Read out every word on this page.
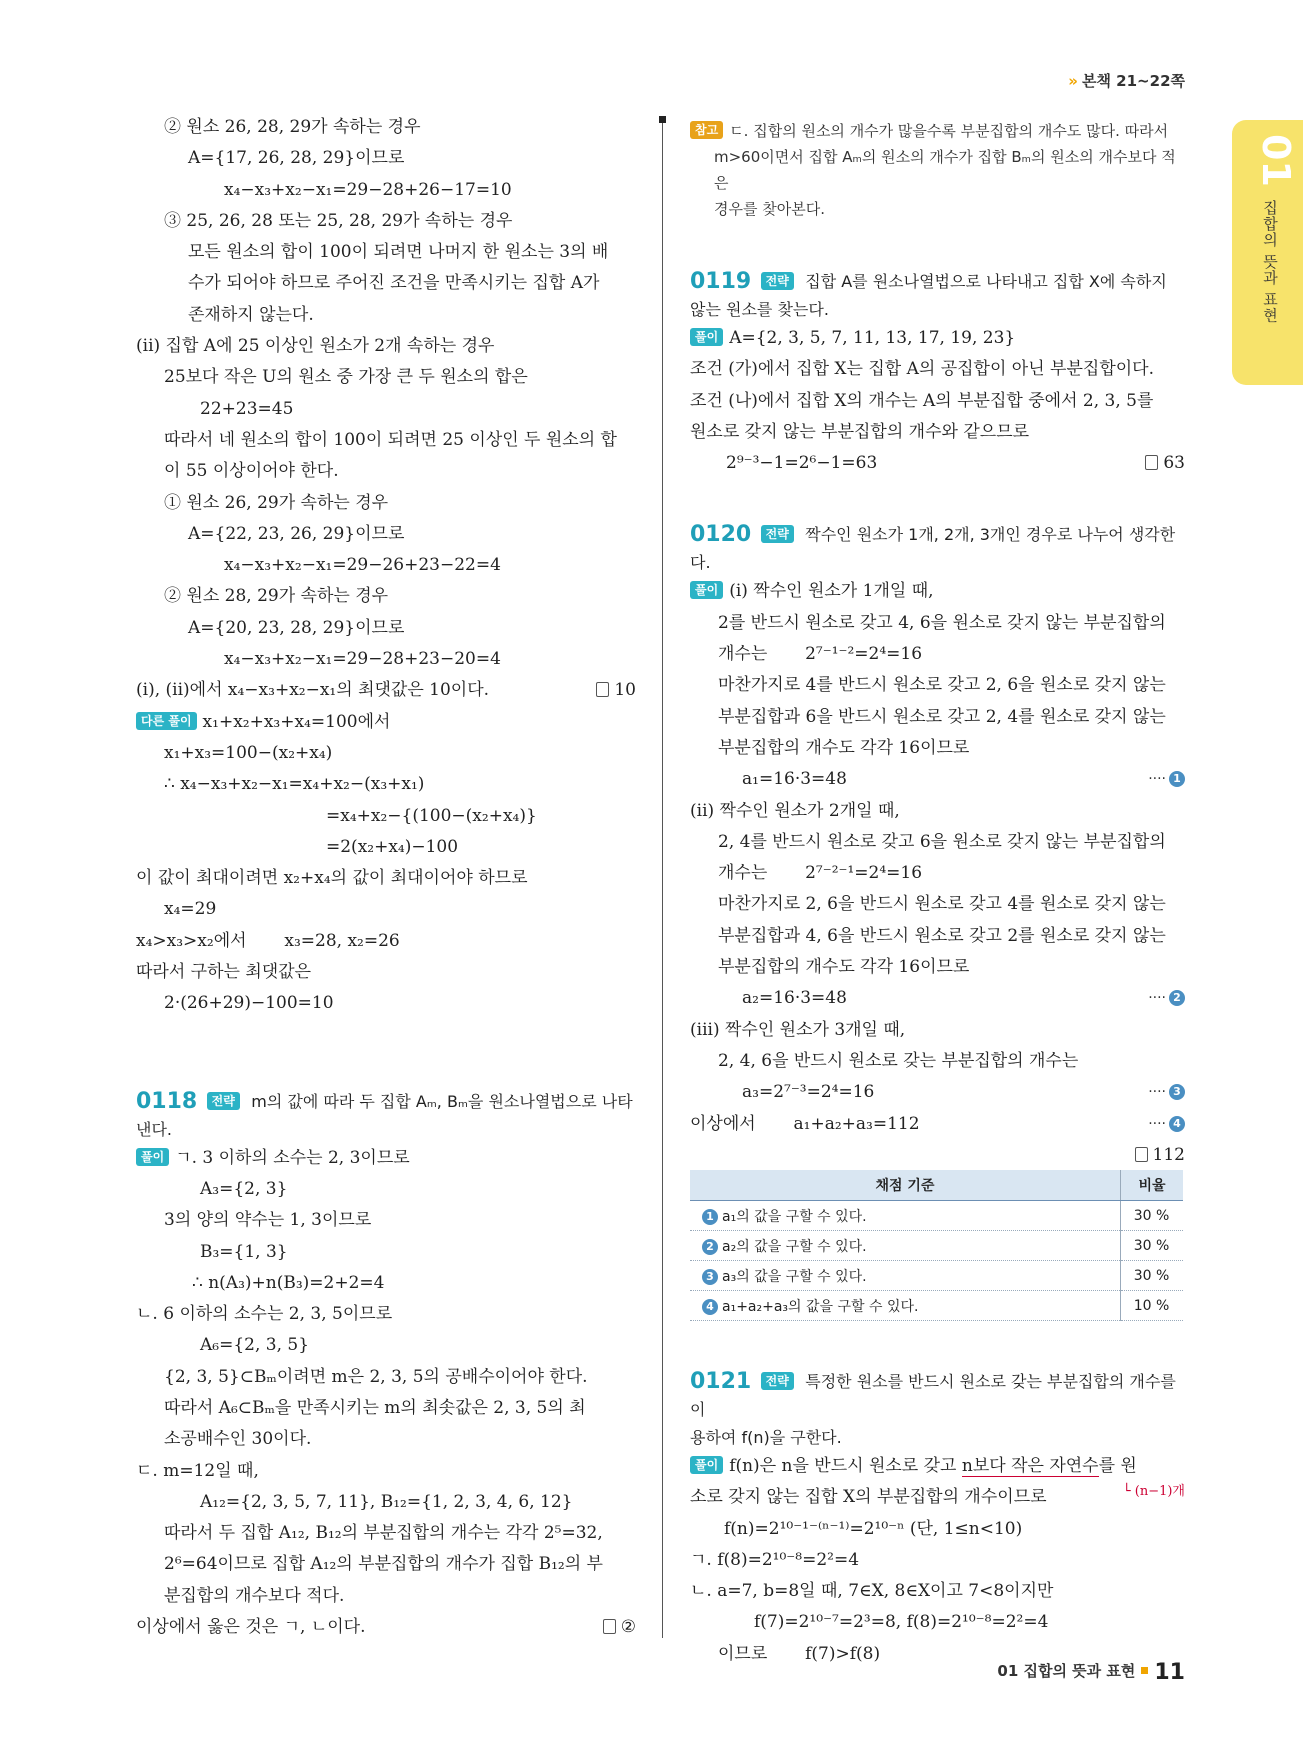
» 본책 21~22쪽
01
집합의 뜻과 표현
② 원소 26, 28, 29가 속하는 경우
A={17, 26, 28, 29}이므로
x₄−x₃+x₂−x₁=29−28+26−17=10
③ 25, 26, 28 또는 25, 28, 29가 속하는 경우
모든 원소의 합이 100이 되려면 나머지 한 원소는 3의 배
수가 되어야 하므로 주어진 조건을 만족시키는 집합 A가
존재하지 않는다.
(ii) 집합 A에 25 이상인 원소가 2개 속하는 경우
25보다 작은 U의 원소 중 가장 큰 두 원소의 합은
22+23=45
따라서 네 원소의 합이 100이 되려면 25 이상인 두 원소의 합
이 55 이상이어야 한다.
① 원소 26, 29가 속하는 경우
A={22, 23, 26, 29}이므로
x₄−x₃+x₂−x₁=29−26+23−22=4
② 원소 28, 29가 속하는 경우
A={20, 23, 28, 29}이므로
x₄−x₃+x₂−x₁=29−28+23−20=4
(i), (ii)에서 x₄−x₃+x₂−x₁의 최댓값은 10이다.	10
다른 풀이 x₁+x₂+x₃+x₄=100에서
x₁+x₃=100−(x₂+x₄)
∴ x₄−x₃+x₂−x₁=x₄+x₂−(x₃+x₁)
=x₄+x₂−{(100−(x₂+x₄)}
=2(x₂+x₄)−100
이 값이 최대이려면 x₂+x₄의 값이 최대이어야 하므로
x₄=29
x₄>x₃>x₂에서       x₃=28, x₂=26
따라서 구하는 최댓값은
2·(26+29)−100=10
0118 전략 m의 값에 따라 두 집합 Aₘ, Bₘ을 원소나열법으로 나타
낸다.
풀이 ㄱ. 3 이하의 소수는 2, 3이므로
A₃={2, 3}
3의 양의 약수는 1, 3이므로
B₃={1, 3}
∴ n(A₃)+n(B₃)=2+2=4
ㄴ. 6 이하의 소수는 2, 3, 5이므로
A₆={2, 3, 5}
{2, 3, 5}⊂Bₘ이려면 m은 2, 3, 5의 공배수이어야 한다.
따라서 A₆⊂Bₘ을 만족시키는 m의 최솟값은 2, 3, 5의 최
소공배수인 30이다.
ㄷ. m=12일 때,
A₁₂={2, 3, 5, 7, 11}, B₁₂={1, 2, 3, 4, 6, 12}
따라서 두 집합 A₁₂, B₁₂의 부분집합의 개수는 각각 2⁵=32,
2⁶=64이므로 집합 A₁₂의 부분집합의 개수가 집합 B₁₂의 부
분집합의 개수보다 적다.
이상에서 옳은 것은 ㄱ, ㄴ이다.	②
참고 ㄷ. 집합의 원소의 개수가 많을수록 부분집합의 개수도 많다. 따라서
m>60이면서 집합 Aₘ의 원소의 개수가 집합 Bₘ의 원소의 개수보다 적은
경우를 찾아본다.
0119 전략 집합 A를 원소나열법으로 나타내고 집합 X에 속하지
않는 원소를 찾는다.
풀이 A={2, 3, 5, 7, 11, 13, 17, 19, 23}
조건 (가)에서 집합 X는 집합 A의 공집합이 아닌 부분집합이다.
조건 (나)에서 집합 X의 개수는 A의 부분집합 중에서 2, 3, 5를
원소로 갖지 않는 부분집합의 개수와 같으므로
2⁹⁻³−1=2⁶−1=63	63
0120 전략 짝수인 원소가 1개, 2개, 3개인 경우로 나누어 생각한
다.
풀이 (i) 짝수인 원소가 1개일 때,
2를 반드시 원소로 갖고 4, 6을 원소로 갖지 않는 부분집합의
개수는       2⁷⁻¹⁻²=2⁴=16
마찬가지로 4를 반드시 원소로 갖고 2, 6을 원소로 갖지 않는
부분집합과 6을 반드시 원소로 갖고 2, 4를 원소로 갖지 않는
부분집합의 개수도 각각 16이므로
a₁=16·3=48	···· 1
(ii) 짝수인 원소가 2개일 때,
2, 4를 반드시 원소로 갖고 6을 원소로 갖지 않는 부분집합의
개수는       2⁷⁻²⁻¹=2⁴=16
마찬가지로 2, 6을 반드시 원소로 갖고 4를 원소로 갖지 않는
부분집합과 4, 6을 반드시 원소로 갖고 2를 원소로 갖지 않는
부분집합의 개수도 각각 16이므로
a₂=16·3=48	···· 2
(iii) 짝수인 원소가 3개일 때,
2, 4, 6을 반드시 원소로 갖는 부분집합의 개수는
a₃=2⁷⁻³=2⁴=16	···· 3
이상에서       a₁+a₂+a₃=112	···· 4
112
채점 기준	비율
1 a₁의 값을 구할 수 있다.	30 %
2 a₂의 값을 구할 수 있다.	30 %
3 a₃의 값을 구할 수 있다.	30 %
4 a₁+a₂+a₃의 값을 구할 수 있다.	10 %
0121 전략 특정한 원소를 반드시 원소로 갖는 부분집합의 개수를 이
용하여 f(n)을 구한다.
풀이 f(n)은 n을 반드시 원소로 갖고 n보다 작은 자연수를 원
소로 갖지 않는 집합 X의 부분집합의 개수이므로	└ (n−1)개
f(n)=2¹⁰⁻¹⁻⁽ⁿ⁻¹⁾=2¹⁰⁻ⁿ (단, 1≤n<10)
ㄱ. f(8)=2¹⁰⁻⁸=2²=4
ㄴ. a=7, b=8일 때, 7∈X, 8∈X이고 7<8이지만
f(7)=2¹⁰⁻⁷=2³=8, f(8)=2¹⁰⁻⁸=2²=4
이므로       f(7)>f(8)
01 집합의 뜻과 표현 11
